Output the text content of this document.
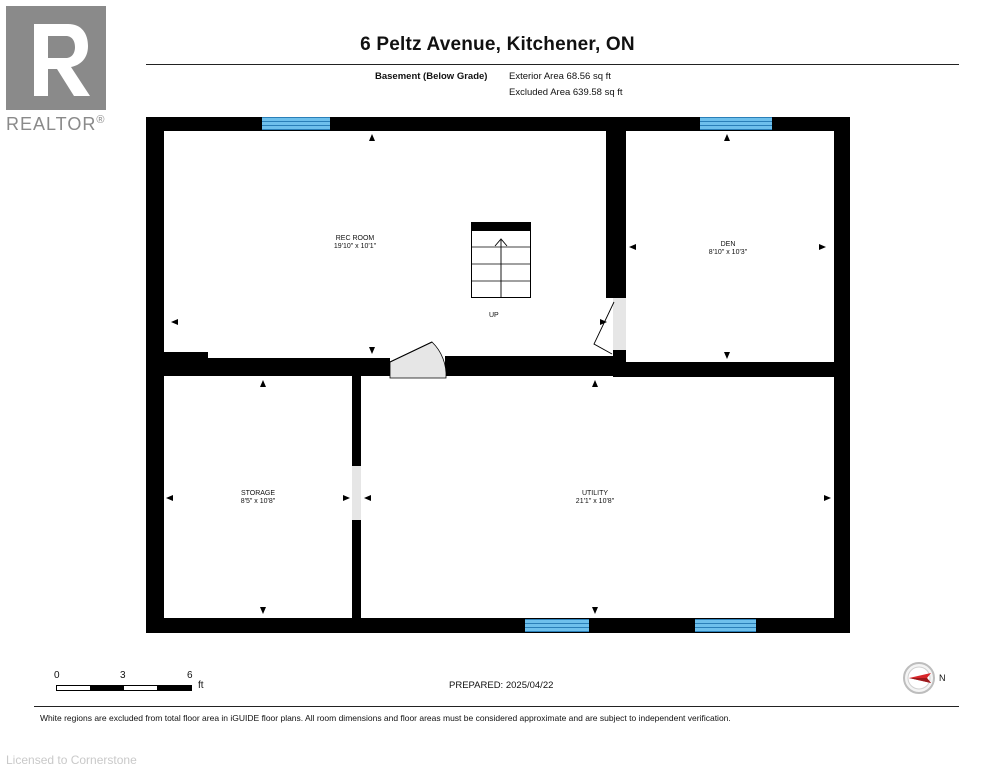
REALTOR®
6 Peltz Avenue, Kitchener, ON
Basement (Below Grade) Exterior Area 68.56 sq ft
Excluded Area 639.58 sq ft
UP
REC ROOM
19'10" x 10'1"	DEN
8'10" x 10'3"
STORAGE
8'5" x 10'8"
UTILITY
21'1" x 10'8"
0	3	6
ft	PREPARED: 2025/04/22
N
White regions are excluded from total floor area in iGUIDE floor plans. All room dimensions and floor areas must be considered approximate and are subject to independent verification.
Licensed to Cornerstone
